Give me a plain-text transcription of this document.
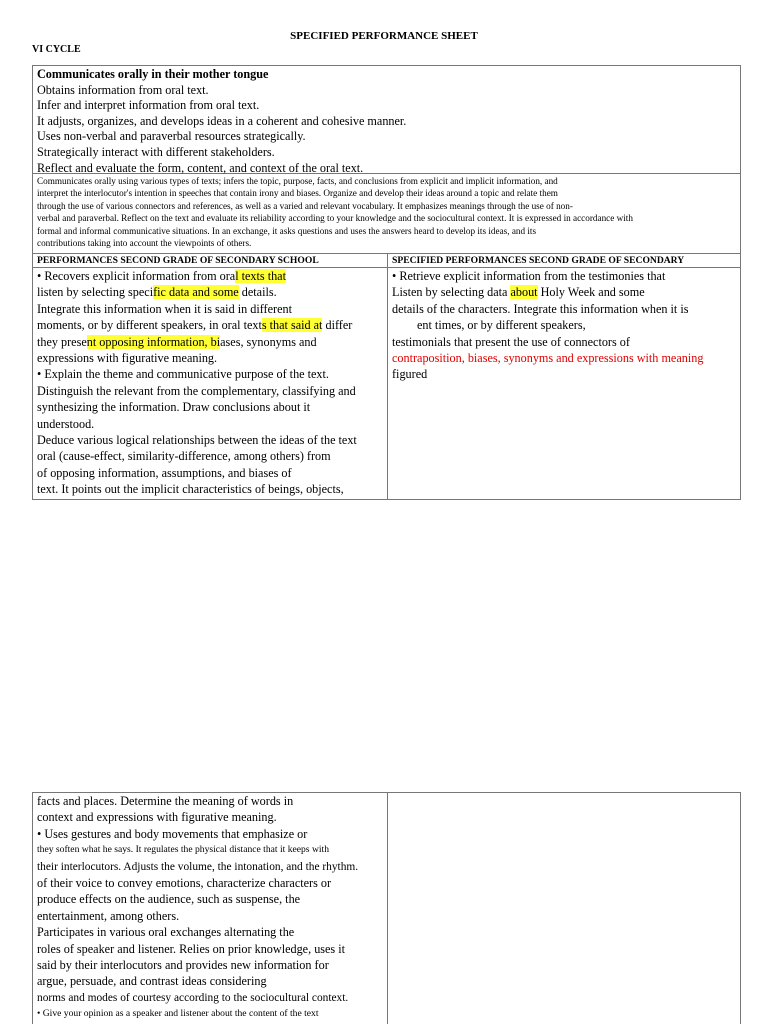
SPECIFIED PERFORMANCE SHEET
VI CYCLE
Communicates orally in their mother tongue
Obtains information from oral text.
Infer and interpret information from oral text.
It adjusts, organizes, and develops ideas in a coherent and cohesive manner.
Uses non-verbal and paraverbal resources strategically.
Strategically interact with different stakeholders.
Reflect and evaluate the form, content, and context of the oral text.
Communicates orally using various types of texts; infers the topic, purpose, facts, and conclusions from explicit and implicit information, and
interpret the interlocutor's intention in speeches that contain irony and biases. Organize and develop their ideas around a topic and relate them
through the use of various connectors and references, as well as a varied and relevant vocabulary. It emphasizes meanings through the use of non-
verbal and paraverbal. Reflect on the text and evaluate its reliability according to your knowledge and the sociocultural context. It is expressed in accordance with
formal and informal communicative situations. In an exchange, it asks questions and uses the answers heard to develop its ideas, and its
contributions taking into account the viewpoints of others.
PERFORMANCES SECOND GRADE OF SECONDARY SCHOOL
• Recovers explicit information from oral texts that
listen by selecting specific data and some details.
Integrate this information when it is said in different
moments, or by different speakers, in oral texts that said at differ
they present opposing information, biases, synonyms and
expressions with figurative meaning.
• Explain the theme and communicative purpose of the text.
Distinguish the relevant from the complementary, classifying and
synthesizing the information. Draw conclusions about it
understood.
Deduce various logical relationships between the ideas of the text
oral (cause-effect, similarity-difference, among others) from
of opposing information, assumptions, and biases of
text. It points out the implicit characteristics of beings, objects,
SPECIFIED PERFORMANCES SECOND GRADE OF SECONDARY
• Retrieve explicit information from the testimonies that
Listen by selecting data about Holy Week and some
details of the characters. Integrate this information when it is
ent times, or by different speakers,
testimonials that present the use of connectors of
contraposition, biases, synonyms and expressions with meaning
figured
facts and places. Determine the meaning of words in
context and expressions with figurative meaning.
• Uses gestures and body movements that emphasize or
they soften what he says. It regulates the physical distance that it keeps with
their interlocutors. Adjusts the volume, the intonation, and the rhythm.
of their voice to convey emotions, characterize characters or
produce effects on the audience, such as suspense, the
entertainment, among others.
Participates in various oral exchanges alternating the
roles of speaker and listener. Relies on prior knowledge, uses it
said by their interlocutors and provides new information for
argue, persuade, and contrast ideas considering
norms and modes of courtesy according to the sociocultural context.
• Give your opinion as a speaker and listener about the content of the text
